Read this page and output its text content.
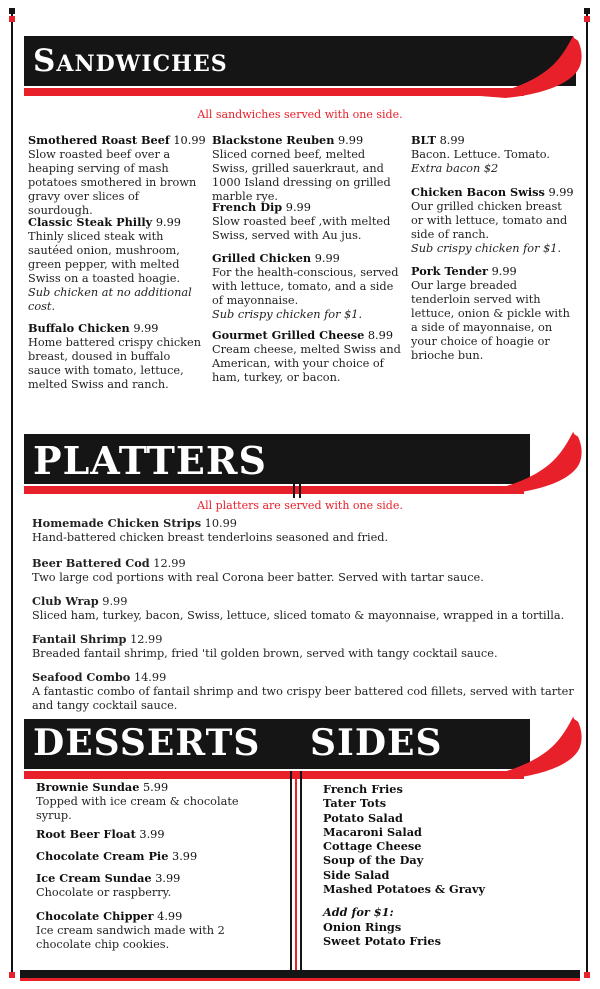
Sandwiches
All sandwiches served with one side.
Smothered Roast Beef 10.99
Slow roasted beef over a heaping serving of mash potatoes smothered in brown gravy over slices of sourdough.
Classic Steak Philly 9.99
Thinly sliced steak with sautéed onion, mushroom, green pepper, with melted Swiss on a toasted hoagie.
Sub chicken at no additional cost.
Buffalo Chicken 9.99
Home battered crispy chicken breast, doused in buffalo sauce with tomato, lettuce, melted Swiss and ranch.
Blackstone Reuben 9.99
Sliced corned beef, melted Swiss, grilled sauerkraut, and 1000 Island dressing on grilled marble rye.
French Dip 9.99
Slow roasted beef ,with melted Swiss, served with Au jus.
Grilled Chicken 9.99
For the health-conscious, served with lettuce, tomato, and a side of mayonnaise.
Sub crispy chicken for $1.
Gourmet Grilled Cheese 8.99
Cream cheese, melted Swiss and American, with your choice of ham, turkey, or bacon.
BLT 8.99
Bacon. Lettuce. Tomato.
Extra bacon $2
Chicken Bacon Swiss 9.99
Our grilled chicken breast or with lettuce, tomato and side of ranch.
Sub crispy chicken for $1.
Pork Tender 9.99
Our large breaded tenderloin served with lettuce, onion & pickle with a side of mayonnaise, on your choice of hoagie or brioche bun.
PLATTERS
All platters are served with one side.
Homemade Chicken Strips 10.99
Hand-battered chicken breast tenderloins seasoned and fried.
Beer Battered Cod 12.99
Two large cod portions with real Corona beer batter. Served with tartar sauce.
Club Wrap 9.99
Sliced ham, turkey, bacon, Swiss, lettuce, sliced tomato & mayonnaise, wrapped in a tortilla.
Fantail Shrimp 12.99
Breaded fantail shrimp, fried 'til golden brown, served with tangy cocktail sauce.
Seafood Combo 14.99
A fantastic combo of fantail shrimp and two crispy beer battered cod fillets, served with tarter and tangy cocktail sauce.
DESSERTS SIDES
Brownie Sundae 5.99
Topped with ice cream & chocolate syrup.
Root Beer Float 3.99
Chocolate Cream Pie 3.99
Ice Cream Sundae 3.99
Chocolate or raspberry.
Chocolate Chipper 4.99
Ice cream sandwich made with 2 chocolate chip cookies.
French Fries
Tater Tots
Potato Salad
Macaroni Salad
Cottage Cheese
Soup of the Day
Side Salad
Mashed Potatoes & Gravy
Add for $1:
Onion Rings
Sweet Potato Fries
